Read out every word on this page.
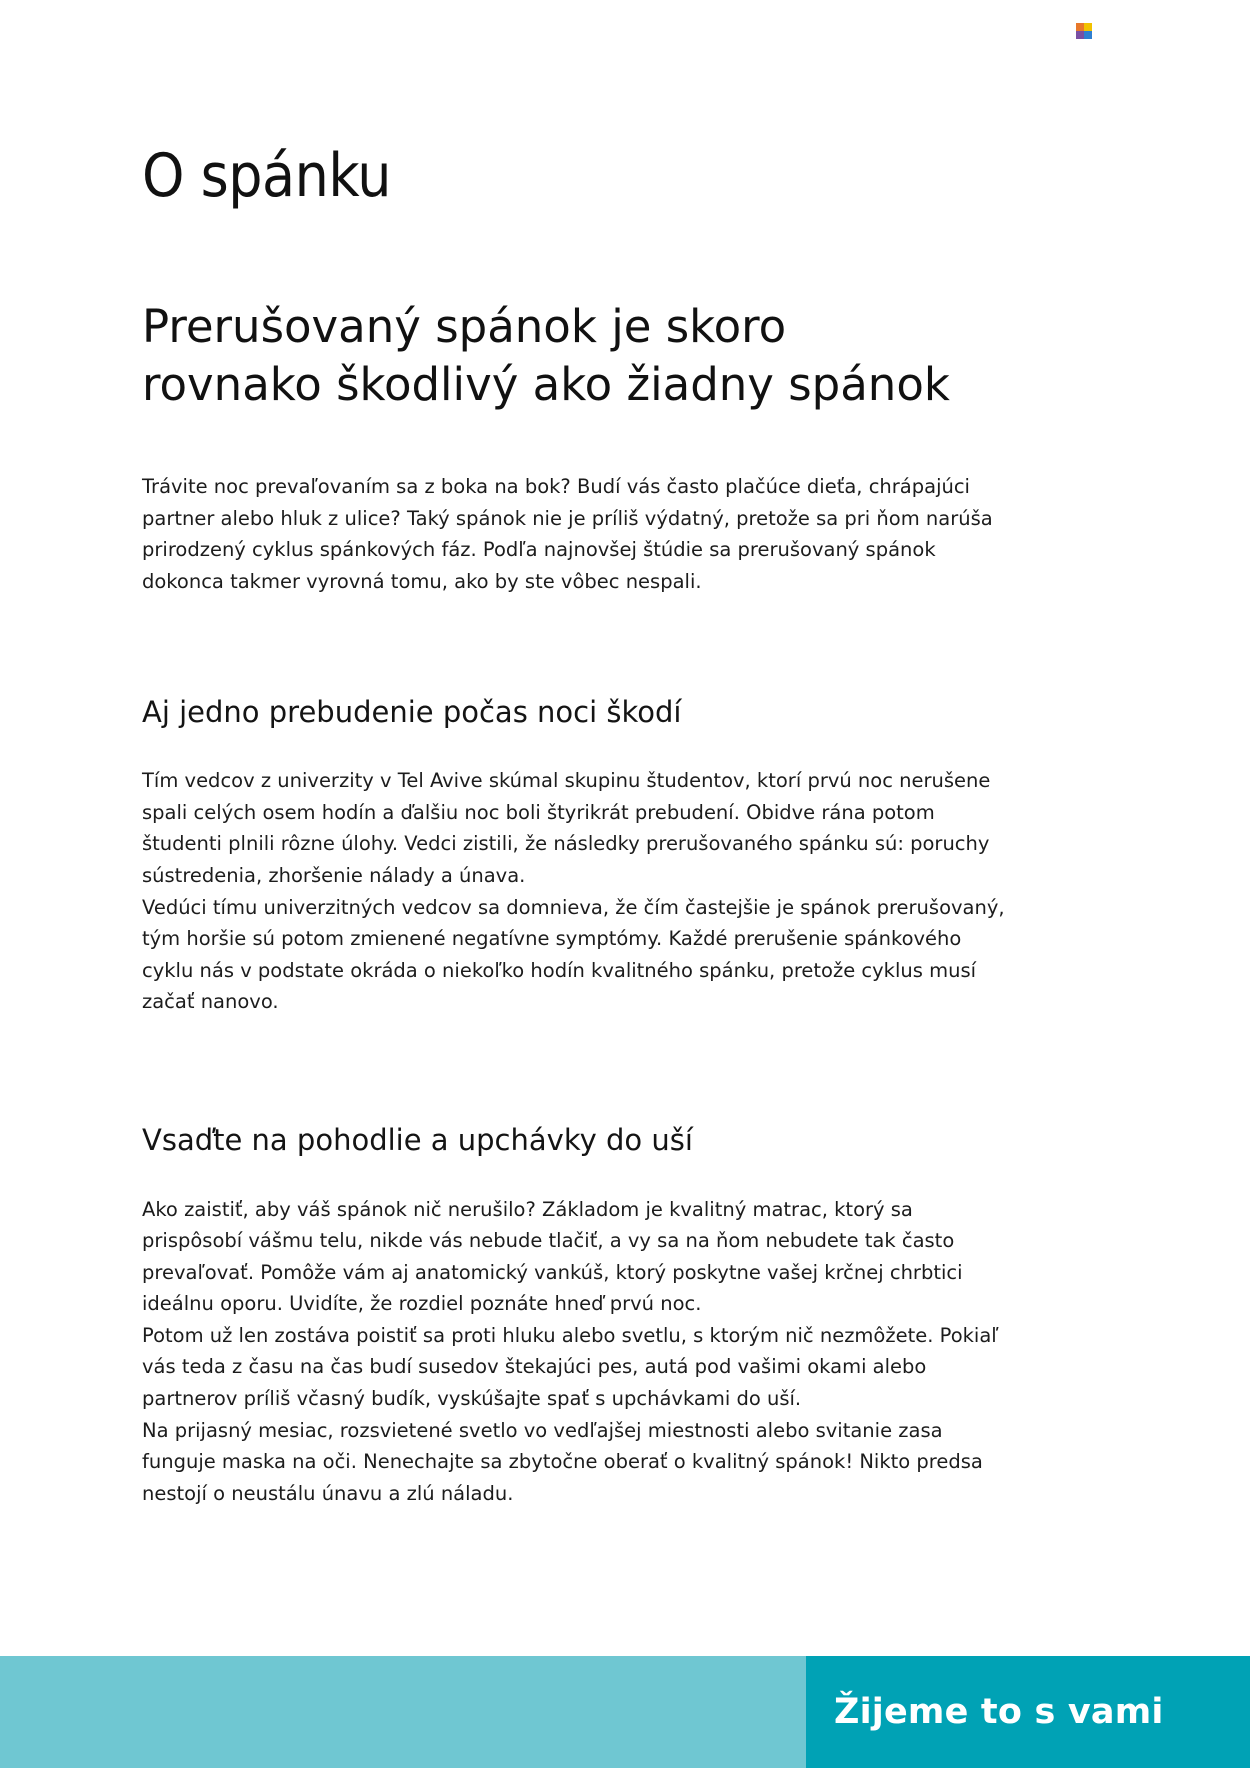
O spánku
Prerušovaný spánok je skoro rovnako škodlivý ako žiadny spánok

Trávite noc prevaľovaním sa z boka na bok? Budí vás často plačúce dieťa, chrápajúci partner alebo hluk z ulice? Taký spánok nie je príliš výdatný, pretože sa pri ňom narúša prirodzený cyklus spánkových fáz. Podľa najnovšej štúdie sa prerušovaný spánok dokonca takmer vyrovná tomu, ako by ste vôbec nespali.

Aj jedno prebudenie počas noci škodí

Tím vedcov z univerzity v Tel Avive skúmal skupinu študentov, ktorí prvú noc nerušene spali celých osem hodín a ďalšiu noc boli štyrikrát prebudení. Obidve rána potom študenti plnili rôzne úlohy. Vedci zistili, že následky prerušovaného spánku sú: poruchy sústredenia, zhoršenie nálady a únava.

Vedúci tímu univerzitných vedcov sa domnieva, že čím častejšie je spánok prerušovaný, tým horšie sú potom zmienené negatívne symptómy. Každé prerušenie spánkového cyklu nás v podstate okráda o niekoľko hodín kvalitného spánku, pretože cyklus musí začať nanovo.

Vsaďte na pohodlie a upchávky do uší

Ako zaistiť, aby váš spánok nič nerušilo? Základom je kvalitný matrac, ktorý sa prispôsobí vášmu telu, nikde vás nebude tlačiť, a vy sa na ňom nebudete tak často prevaľovať. Pomôže vám aj anatomický vankúš, ktorý poskytne vašej krčnej chrbtici ideálnu oporu. Uvidíte, že rozdiel poznáte hneď prvú noc.

Potom už len zostáva poistiť sa proti hluku alebo svetlu, s ktorým nič nezmôžete. Pokiaľ vás teda z času na čas budí susedov štekajúci pes, autá pod vašimi okami alebo partnerov príliš včasný budík, vyskúšajte spať s upchávkami do uší.

Na prijasný mesiac, rozsvietené svetlo vo vedľajšej miestnosti alebo svitanie zasa funguje maska na oči. Nenechajte sa zbytočne oberať o kvalitný spánok! Nikto predsa nestojí o neustálu únavu a zlú náladu.

Žijeme to s vami
